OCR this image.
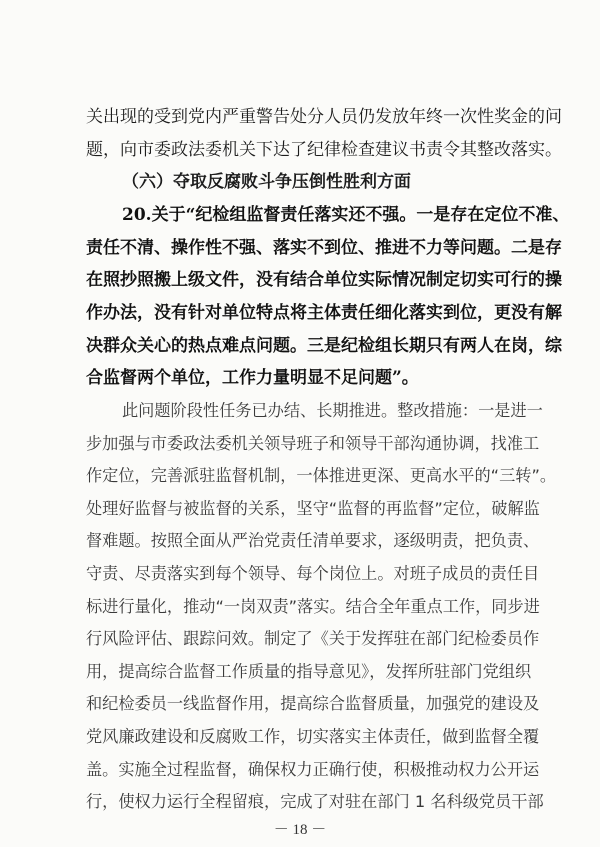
关出现的受到党内严重警告处分人员仍发放年终一次性奖金的问
题，向市委政法委机关下达了纪律检查建议书责令其整改落实。
（六）夺取反腐败斗争压倒性胜利方面
20.关于“纪检组监督责任落实还不强。一是存在定位不准、
责任不清、操作性不强、落实不到位、推进不力等问题。二是存
在照抄照搬上级文件，没有结合单位实际情况制定切实可行的操
作办法，没有针对单位特点将主体责任细化落实到位，更没有解
决群众关心的热点难点问题。三是纪检组长期只有两人在岗，综
合监督两个单位，工作力量明显不足问题”。
此问题阶段性任务已办结、长期推进。整改措施：一是进一
步加强与市委政法委机关领导班子和领导干部沟通协调，找准工
作定位，完善派驻监督机制，一体推进更深、更高水平的“三转”。
处理好监督与被监督的关系，坚守“监督的再监督”定位，破解监
督难题。按照全面从严治党责任清单要求，逐级明责，把负责、
守责、尽责落实到每个领导、每个岗位上。对班子成员的责任目
标进行量化，推动“一岗双责”落实。结合全年重点工作，同步进
行风险评估、跟踪问效。制定了《关于发挥驻在部门纪检委员作
用，提高综合监督工作质量的指导意见》，发挥所驻部门党组织
和纪检委员一线监督作用，提高综合监督质量，加强党的建设及
党风廉政建设和反腐败工作，切实落实主体责任，做到监督全覆
盖。实施全过程监督，确保权力正确行使，积极推动权力公开运
行，使权力运行全程留痕，完成了对驻在部门 1 名科级党员干部
－ 18 －
